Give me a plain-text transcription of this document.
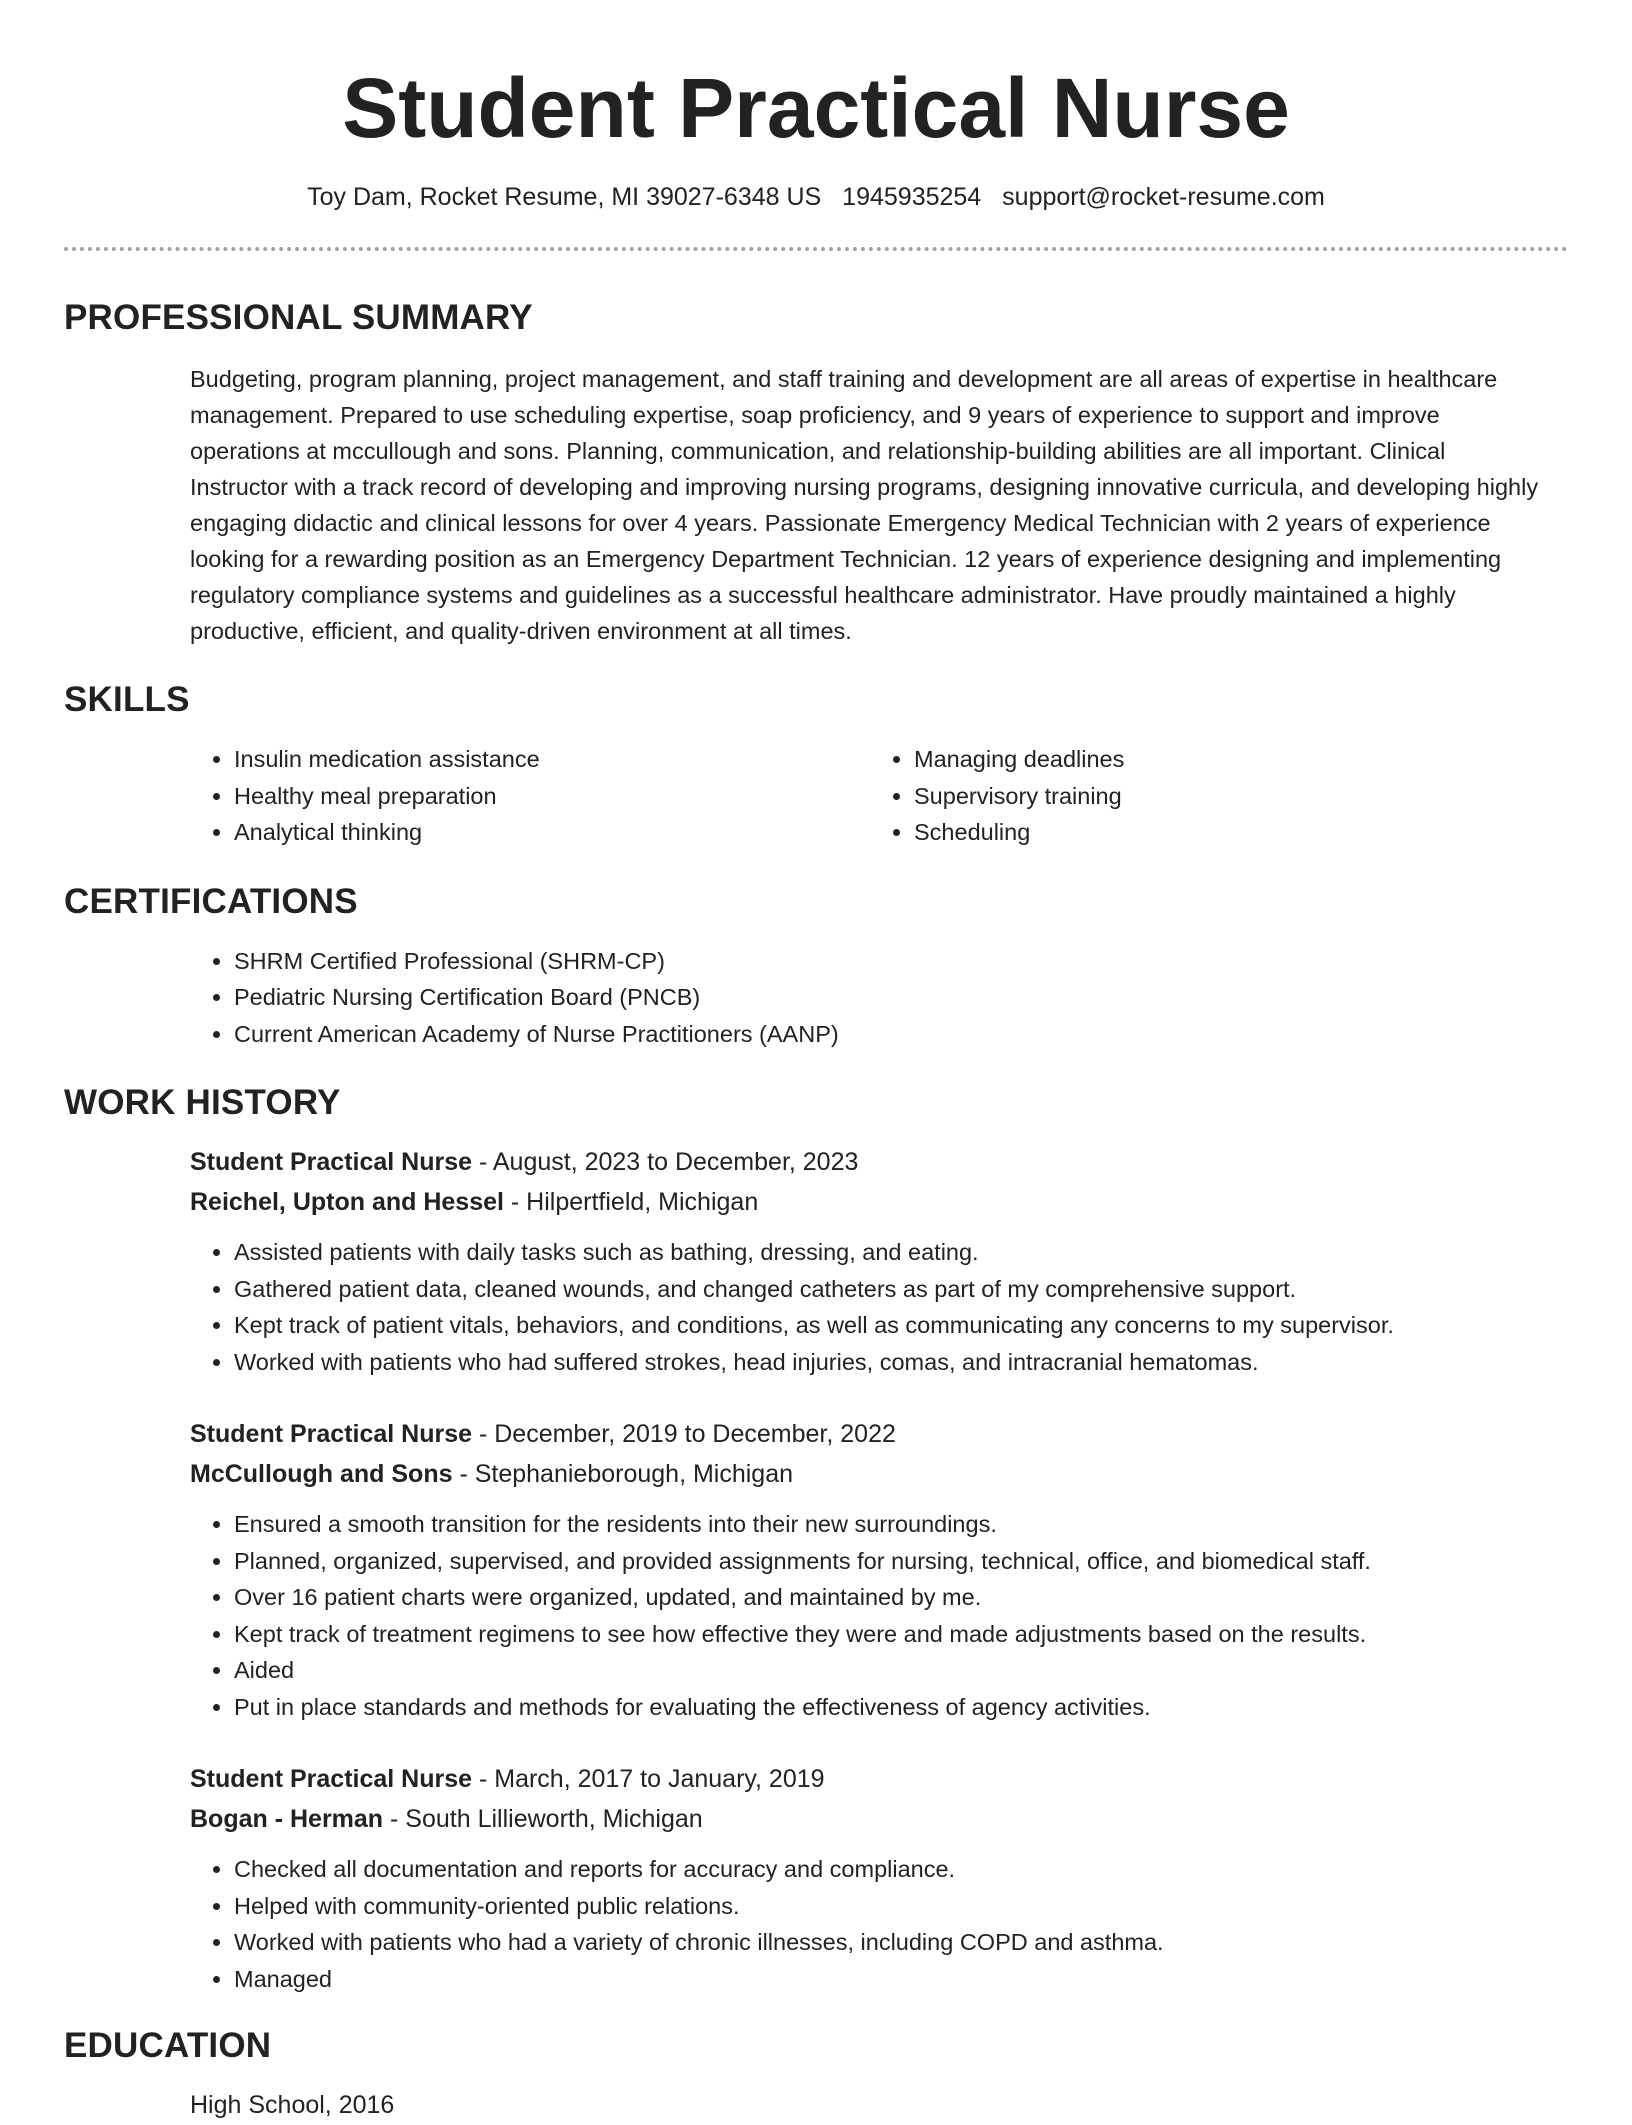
Student Practical Nurse
Toy Dam, Rocket Resume, MI 39027-6348 US 1945935254 support@rocket-resume.com
PROFESSIONAL SUMMARY
Budgeting, program planning, project management, and staff training and development are all areas of expertise in healthcare management. Prepared to use scheduling expertise, soap proficiency, and 9 years of experience to support and improve operations at mccullough and sons. Planning, communication, and relationship-building abilities are all important. Clinical Instructor with a track record of developing and improving nursing programs, designing innovative curricula, and developing highly engaging didactic and clinical lessons for over 4 years. Passionate Emergency Medical Technician with 2 years of experience looking for a rewarding position as an Emergency Department Technician. 12 years of experience designing and implementing regulatory compliance systems and guidelines as a successful healthcare administrator. Have proudly maintained a highly productive, efficient, and quality-driven environment at all times.
SKILLS
• Insulin medication assistance
• Healthy meal preparation
• Analytical thinking
• Managing deadlines
• Supervisory training
• Scheduling
CERTIFICATIONS
• SHRM Certified Professional (SHRM-CP)
• Pediatric Nursing Certification Board (PNCB)
• Current American Academy of Nurse Practitioners (AANP)
WORK HISTORY
Student Practical Nurse - August, 2023 to December, 2023
Reichel, Upton and Hessel - Hilpertfield, Michigan
• Assisted patients with daily tasks such as bathing, dressing, and eating.
• Gathered patient data, cleaned wounds, and changed catheters as part of my comprehensive support.
• Kept track of patient vitals, behaviors, and conditions, as well as communicating any concerns to my supervisor.
• Worked with patients who had suffered strokes, head injuries, comas, and intracranial hematomas.
Student Practical Nurse - December, 2019 to December, 2022
McCullough and Sons - Stephanieborough, Michigan
• Ensured a smooth transition for the residents into their new surroundings.
• Planned, organized, supervised, and provided assignments for nursing, technical, office, and biomedical staff.
• Over 16 patient charts were organized, updated, and maintained by me.
• Kept track of treatment regimens to see how effective they were and made adjustments based on the results.
• Aided
• Put in place standards and methods for evaluating the effectiveness of agency activities.
Student Practical Nurse - March, 2017 to January, 2019
Bogan - Herman - South Lillieworth, Michigan
• Checked all documentation and reports for accuracy and compliance.
• Helped with community-oriented public relations.
• Worked with patients who had a variety of chronic illnesses, including COPD and asthma.
• Managed
EDUCATION
High School, 2016
